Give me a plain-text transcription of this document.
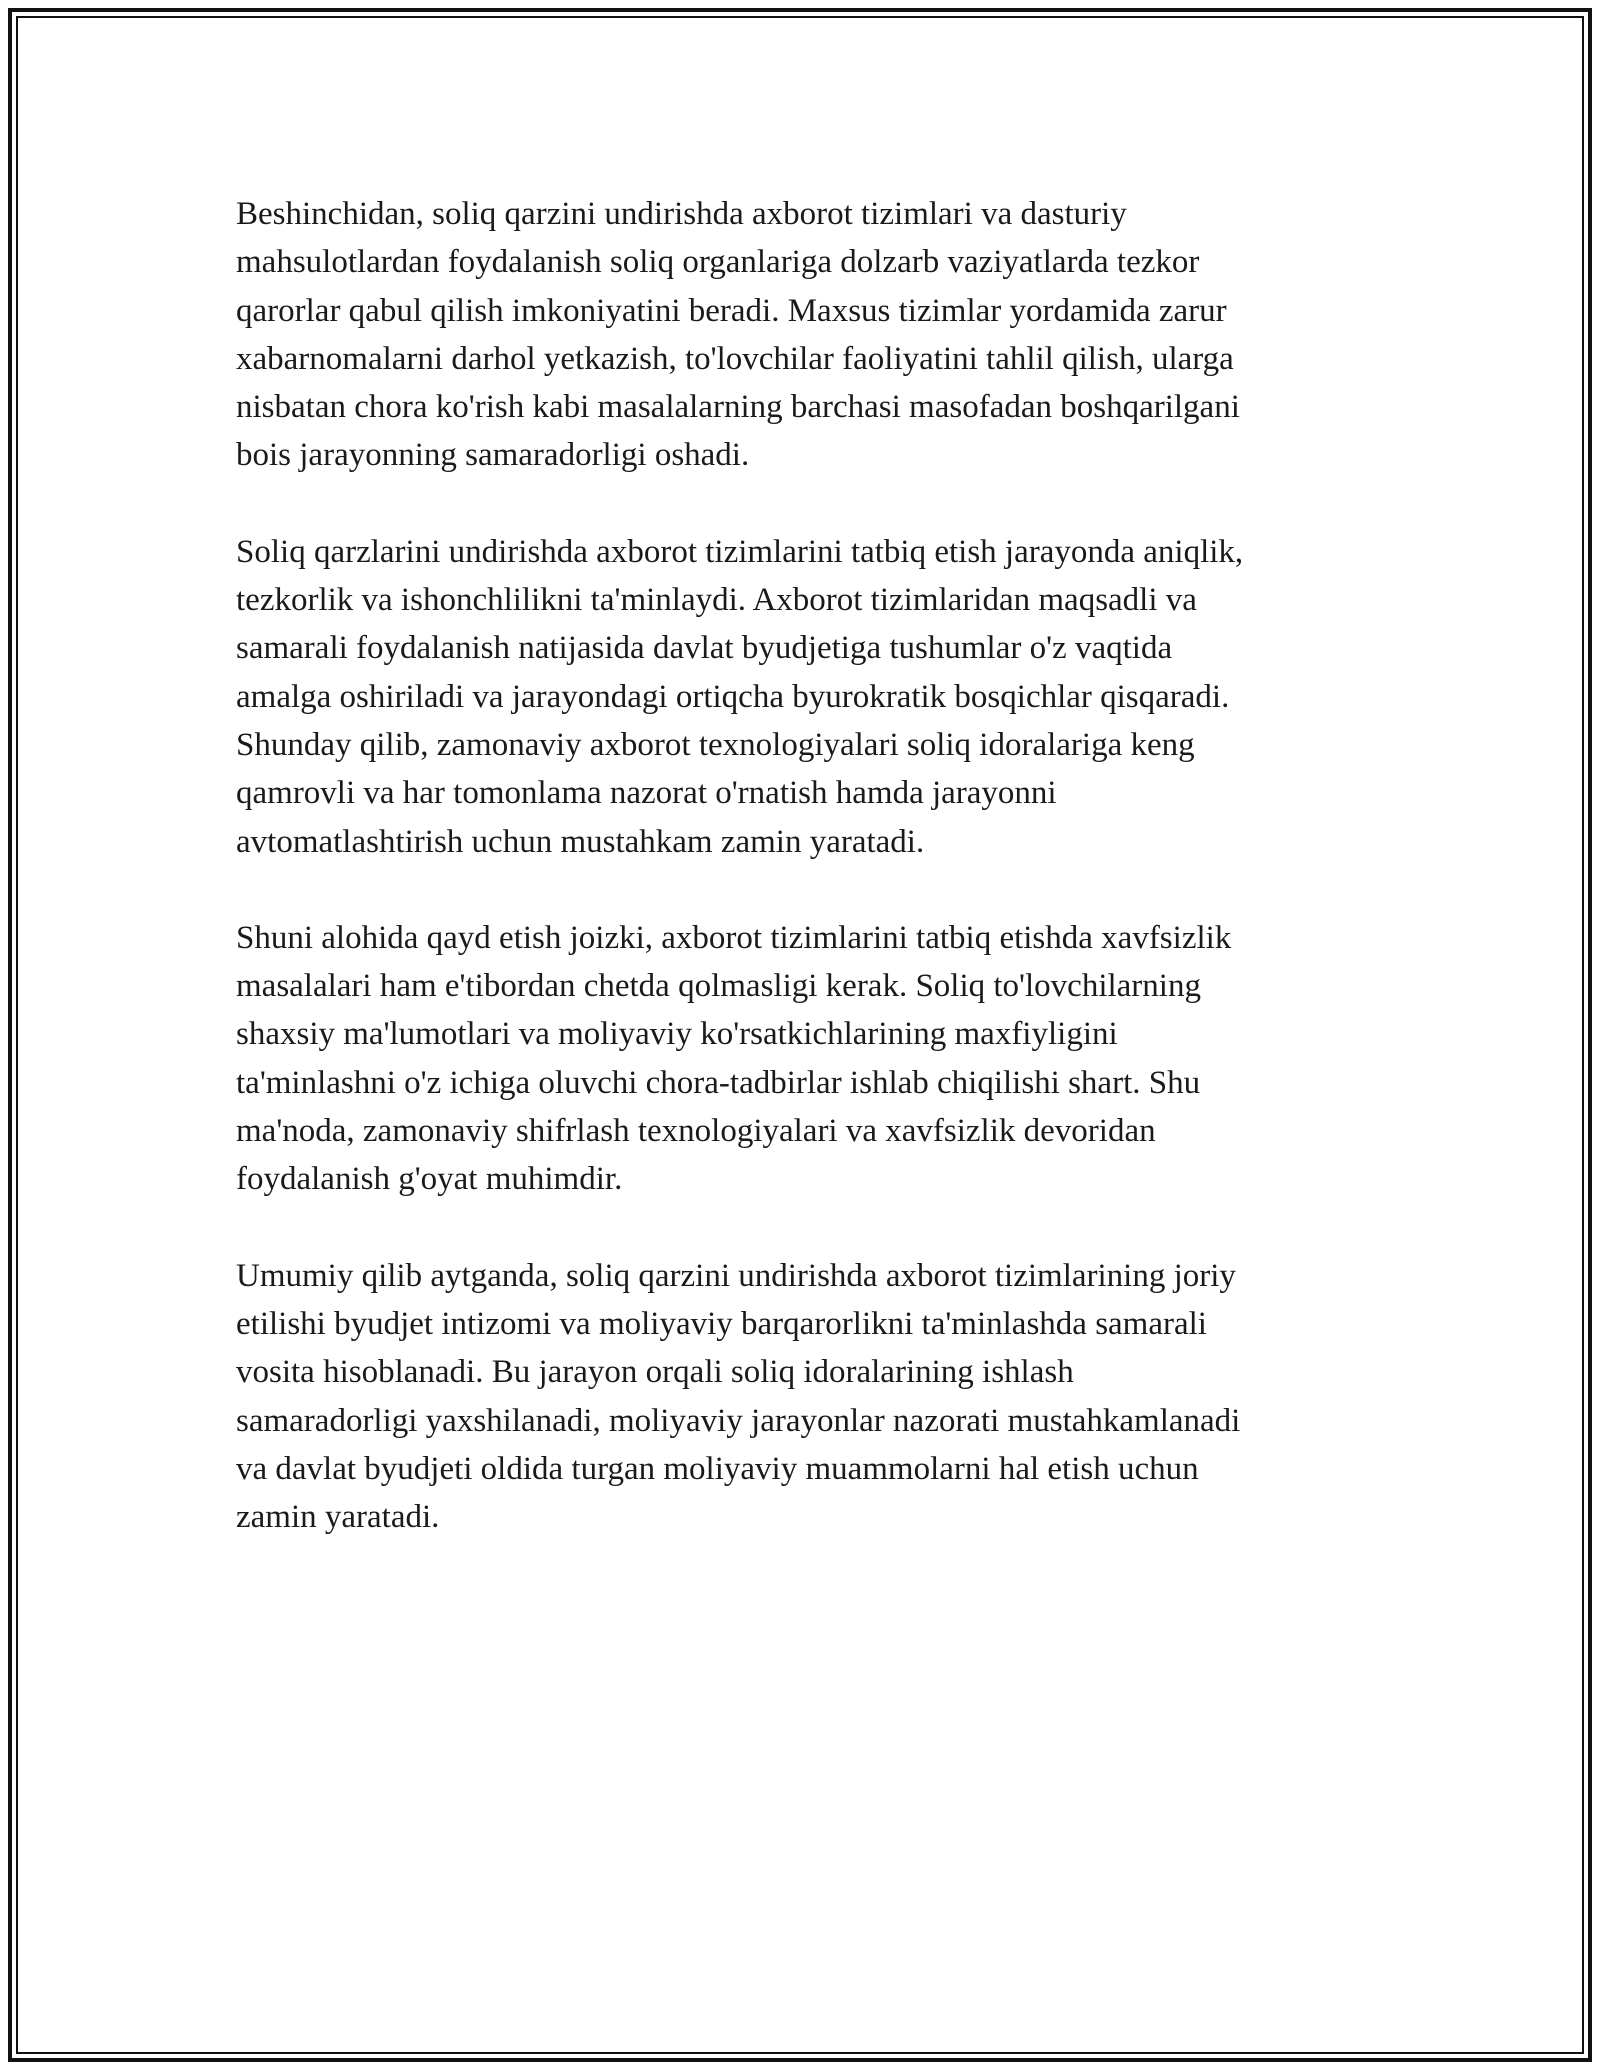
Beshinchidan, soliq qarzini undirishda axborot tizimlari va dasturiy
mahsulotlardan foydalanish soliq organlariga dolzarb vaziyatlarda tezkor
qarorlar qabul qilish imkoniyatini beradi. Maxsus tizimlar yordamida zarur
xabarnomalarni darhol yetkazish, to'lovchilar faoliyatini tahlil qilish, ularga
nisbatan chora ko'rish kabi masalalarning barchasi masofadan boshqarilgani
bois jarayonning samaradorligi oshadi.

Soliq qarzlarini undirishda axborot tizimlarini tatbiq etish jarayonda aniqlik,
tezkorlik va ishonchlilikni ta'minlaydi. Axborot tizimlaridan maqsadli va
samarali foydalanish natijasida davlat byudjetiga tushumlar o'z vaqtida
amalga oshiriladi va jarayondagi ortiqcha byurokratik bosqichlar qisqaradi.
Shunday qilib, zamonaviy axborot texnologiyalari soliq idoralariga keng
qamrovli va har tomonlama nazorat o'rnatish hamda jarayonni
avtomatlashtirish uchun mustahkam zamin yaratadi.

Shuni alohida qayd etish joizki, axborot tizimlarini tatbiq etishda xavfsizlik
masalalari ham e'tibordan chetda qolmasligi kerak. Soliq to'lovchilarning
shaxsiy ma'lumotlari va moliyaviy ko'rsatkichlarining maxfiyligini
ta'minlashni o'z ichiga oluvchi chora-tadbirlar ishlab chiqilishi shart. Shu
ma'noda, zamonaviy shifrlash texnologiyalari va xavfsizlik devoridan
foydalanish g'oyat muhimdir.

Umumiy qilib aytganda, soliq qarzini undirishda axborot tizimlarining joriy
etilishi byudjet intizomi va moliyaviy barqarorlikni ta'minlashda samarali
vosita hisoblanadi. Bu jarayon orqali soliq idoralarining ishlash
samaradorligi yaxshilanadi, moliyaviy jarayonlar nazorati mustahkamlanadi
va davlat byudjeti oldida turgan moliyaviy muammolarni hal etish uchun
zamin yaratadi.
